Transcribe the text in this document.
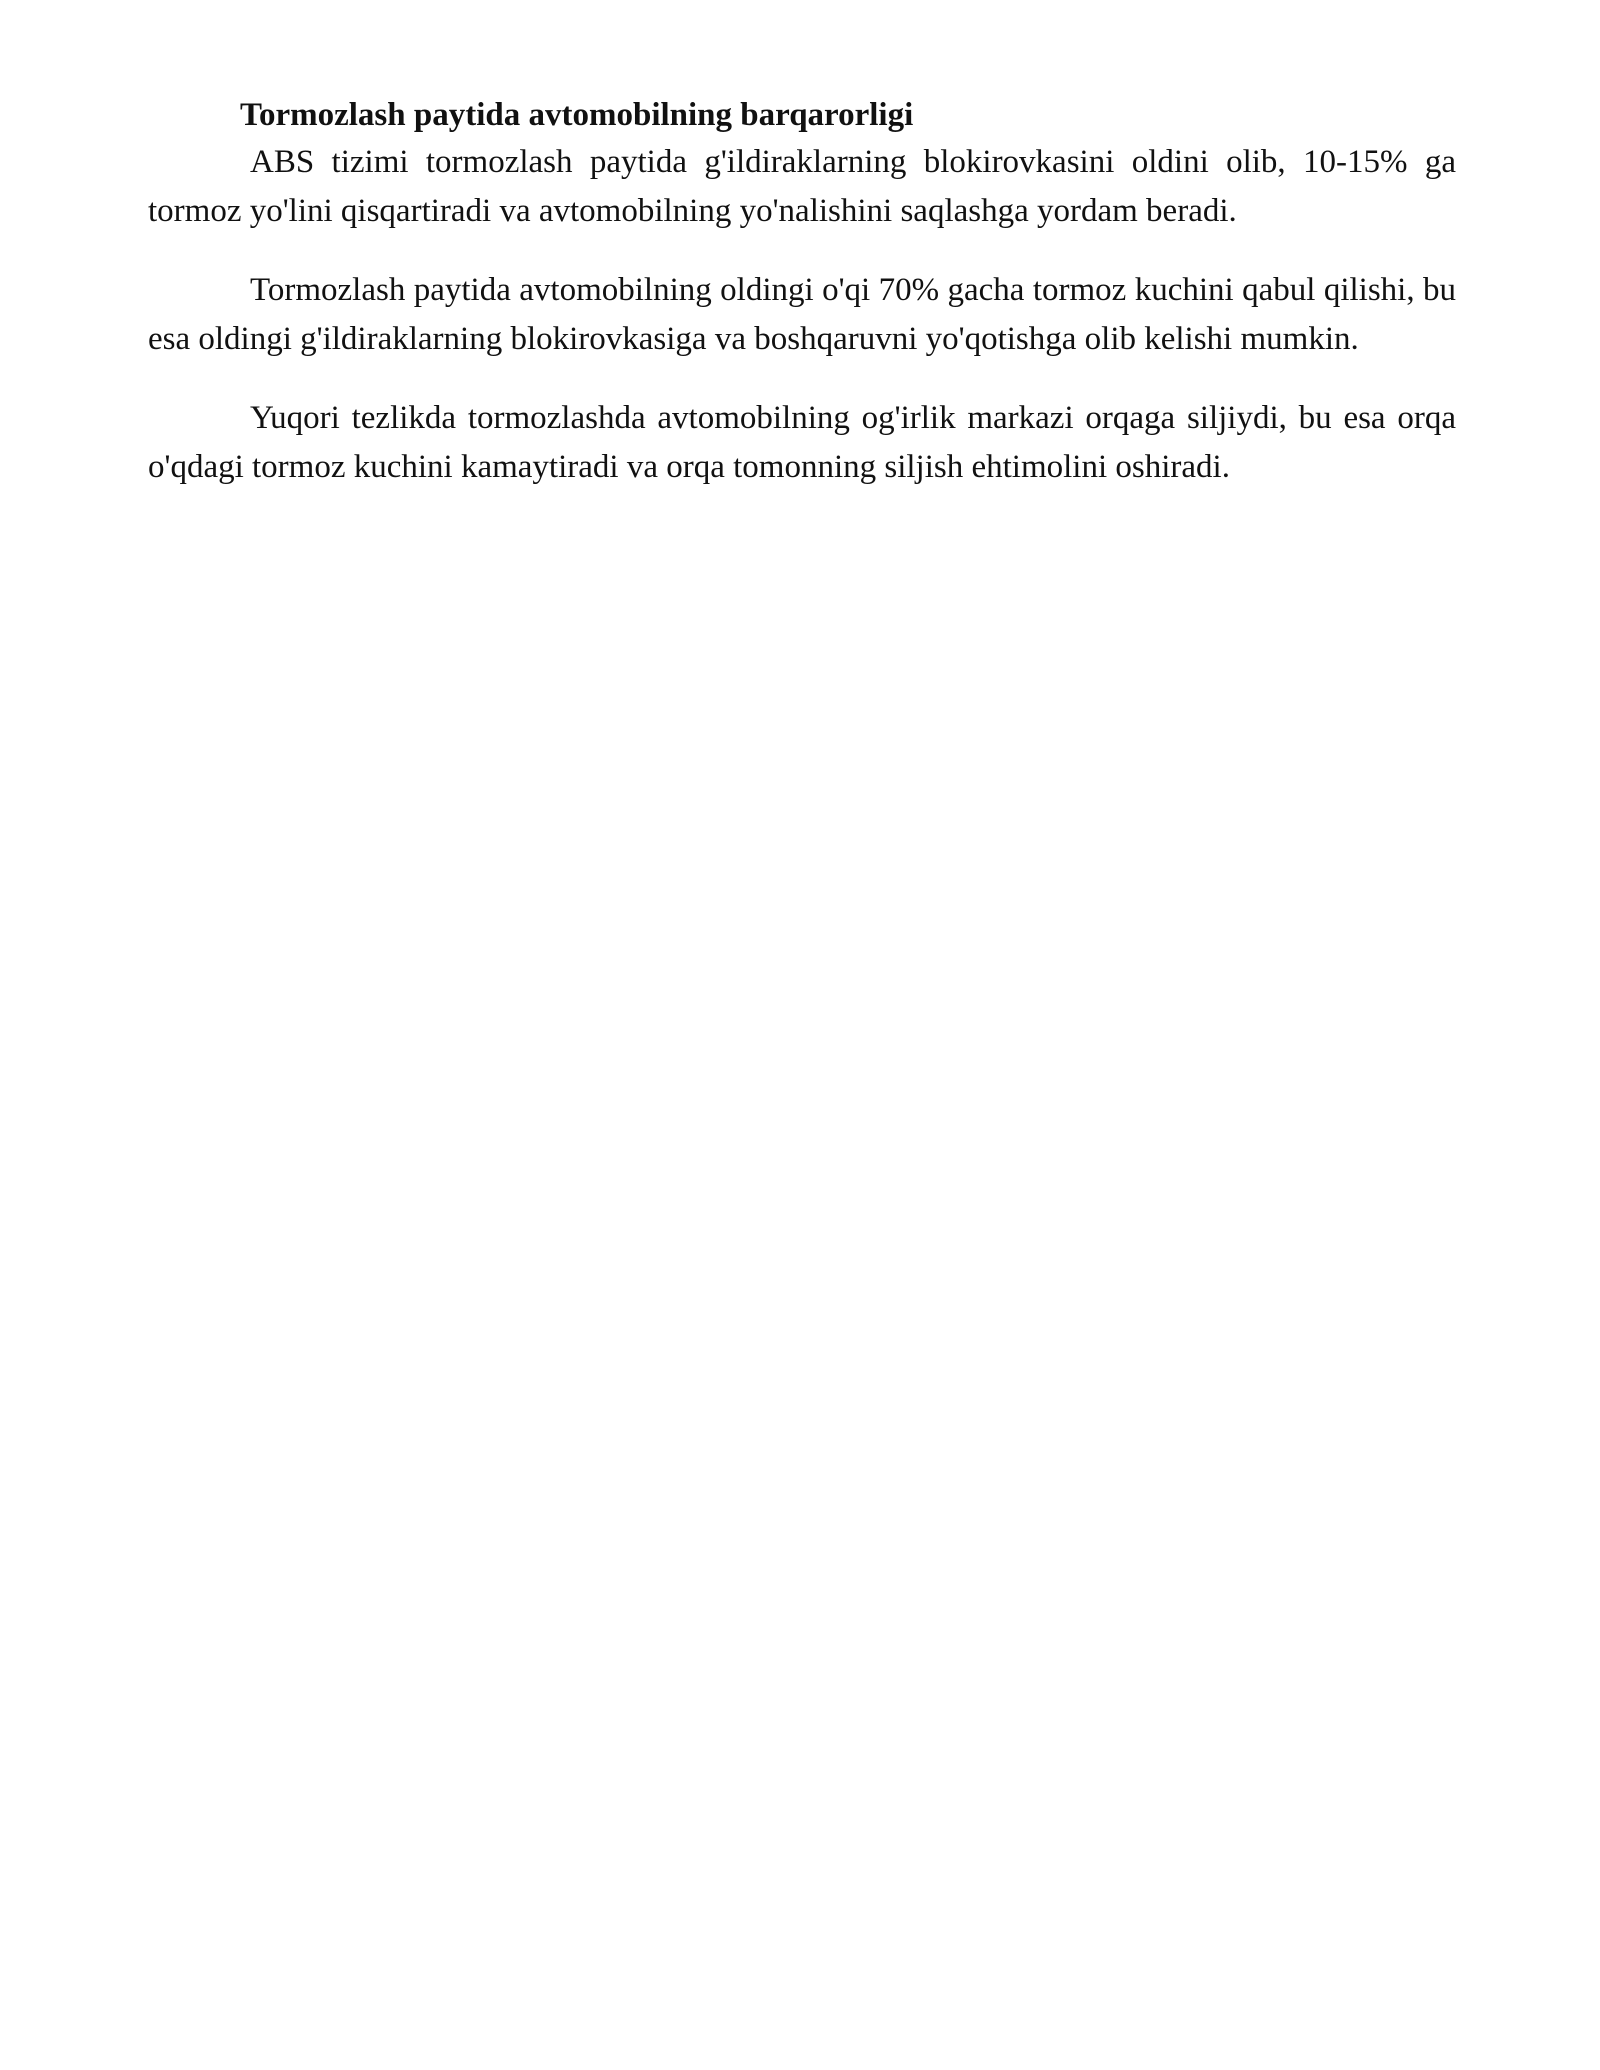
Tormozlash paytida avtomobilning barqarorligi

ABS tizimi tormozlash paytida g'ildiraklarning blokirovkasini oldini olib, 10-15% ga tormoz yo'lini qisqartiradi va avtomobilning yo'nalishini saqlashga yordam beradi.

Tormozlash paytida avtomobilning oldingi o'qi 70% gacha tormoz kuchini qabul qilishi, bu esa oldingi g'ildiraklarning blokirovkasiga va boshqaruvni yo'qotishga olib kelishi mumkin.

Yuqori tezlikda tormozlashda avtomobilning og'irlik markazi orqaga siljiydi, bu esa orqa o'qdagi tormoz kuchini kamaytiradi va orqa tomonning siljish ehtimolini oshiradi.
